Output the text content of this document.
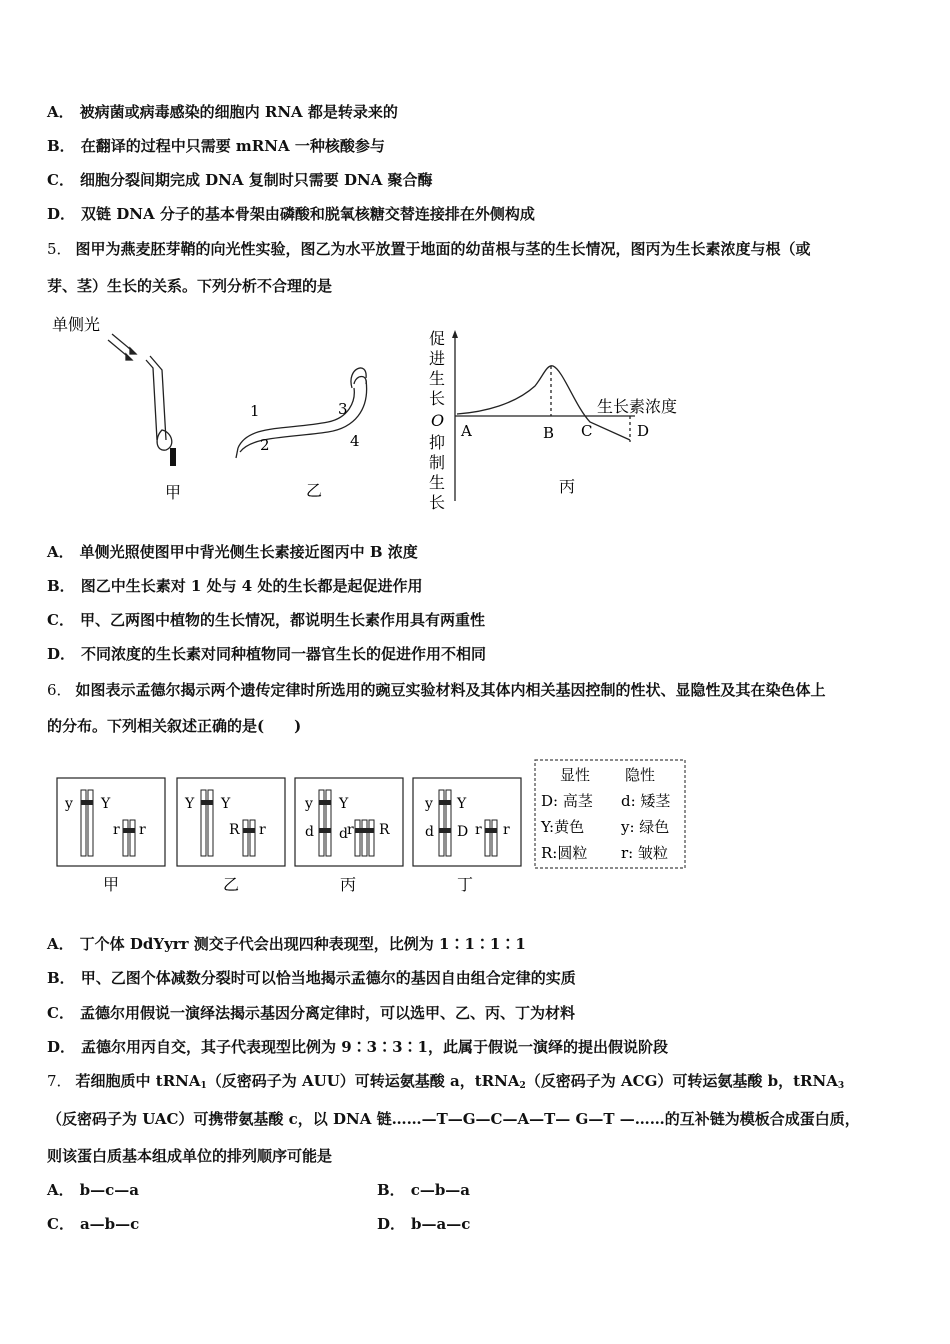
A． 被病菌或病毒感染的细胞内 RNA 都是转录来的
B． 在翻译的过程中只需要 mRNA 一种核酸参与
C． 细胞分裂间期完成 DNA 复制时只需要 DNA 聚合酶
D． 双链 DNA 分子的基本骨架由磷酸和脱氧核糖交替连接排在外侧构成
5． 图甲为燕麦胚芽鞘的向光性实验，图乙为水平放置于地面的幼苗根与茎的生长情况，图丙为生长素浓度与根（或
芽、茎）生长的关系。下列分析不合理的是
单侧光
甲
1
2
3
4
乙
促
进
生
长
O
抑
制
生
长
生长素浓度
A	B C	D
丙
A． 单侧光照使图甲中背光侧生长素接近图丙中 B 浓度
B． 图乙中生长素对 1 处与 4 处的生长都是起促进作用
C． 甲、乙两图中植物的生长情况，都说明生长素作用具有两重性
D． 不同浓度的生长素对同种植物同一器官生长的促进作用不相同
6． 如图表示孟德尔揭示两个遗传定律时所选用的豌豆实验材料及其体内相关基因控制的性状、显隐性及其在染色体上
的分布。下列相关叙述正确的是(　　)
y Y
r r
甲
Y Y
R r
乙
y Y
d d r R
丙
y Y
d D r r
丁
显性 隐性
D: 高茎 d: 矮茎
Y:黄色 y: 绿色
R:圆粒 r: 皱粒
A． 丁个体 DdYyrr 测交子代会出现四种表现型，比例为 1∶1∶1∶1
B． 甲、乙图个体减数分裂时可以恰当地揭示孟德尔的基因自由组合定律的实质
C． 孟德尔用假说一演绎法揭示基因分离定律时，可以选甲、乙、丙、丁为材料
D． 孟德尔用丙自交，其子代表现型比例为 9∶3∶3∶1，此属于假说一演绎的提出假说阶段
7． 若细胞质中 tRNA$_1$（反密码子为 AUU）可转运氨基酸 a，tRNA$_2$（反密码子为 ACG）可转运氨基酸 b，tRNA$_3$
（反密码子为 UAC）可携带氨基酸 c，以 DNA 链……—T—G—C—A—T— G—T —……的互补链为模板合成蛋白质，
则该蛋白质基本组成单位的排列顺序可能是
A． b—c—a	B． c—b—a
C． a—b—c	D． b—a—c
